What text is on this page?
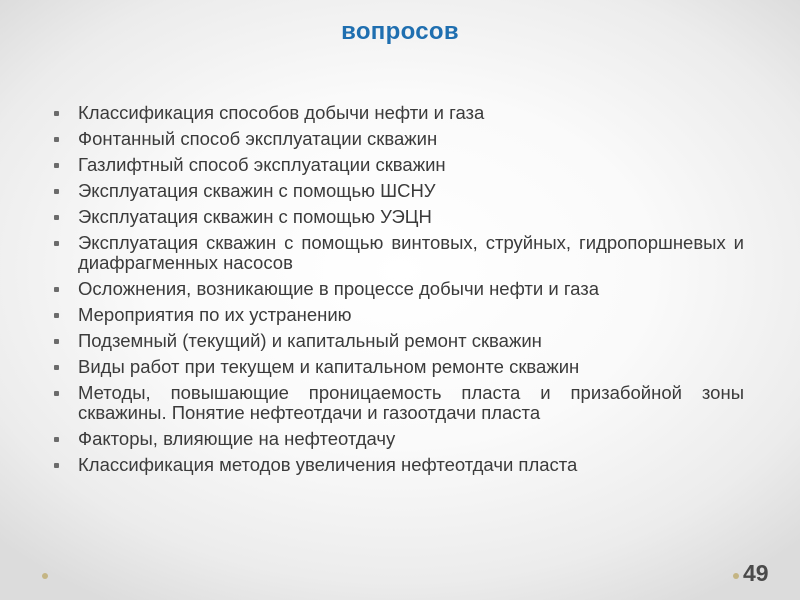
вопросов
Классификация способов добычи нефти и газа
Фонтанный способ эксплуатации скважин
Газлифтный способ эксплуатации скважин
Эксплуатация скважин с помощью ШСНУ
Эксплуатация скважин с помощью УЭЦН
Эксплуатация скважин с помощью винтовых, струйных, гидропоршневых и диафрагменных насосов
Осложнения, возникающие в процессе добычи нефти и газа
Мероприятия по их устранению
Подземный (текущий) и капитальный ремонт скважин
Виды работ при текущем и капитальном ремонте скважин
Методы, повышающие проницаемость пласта и призабойной зоны скважины. Понятие нефтеотдачи и газоотдачи пласта
Факторы, влияющие на нефтеотдачу
Классификация методов увеличения нефтеотдачи пласта
49
